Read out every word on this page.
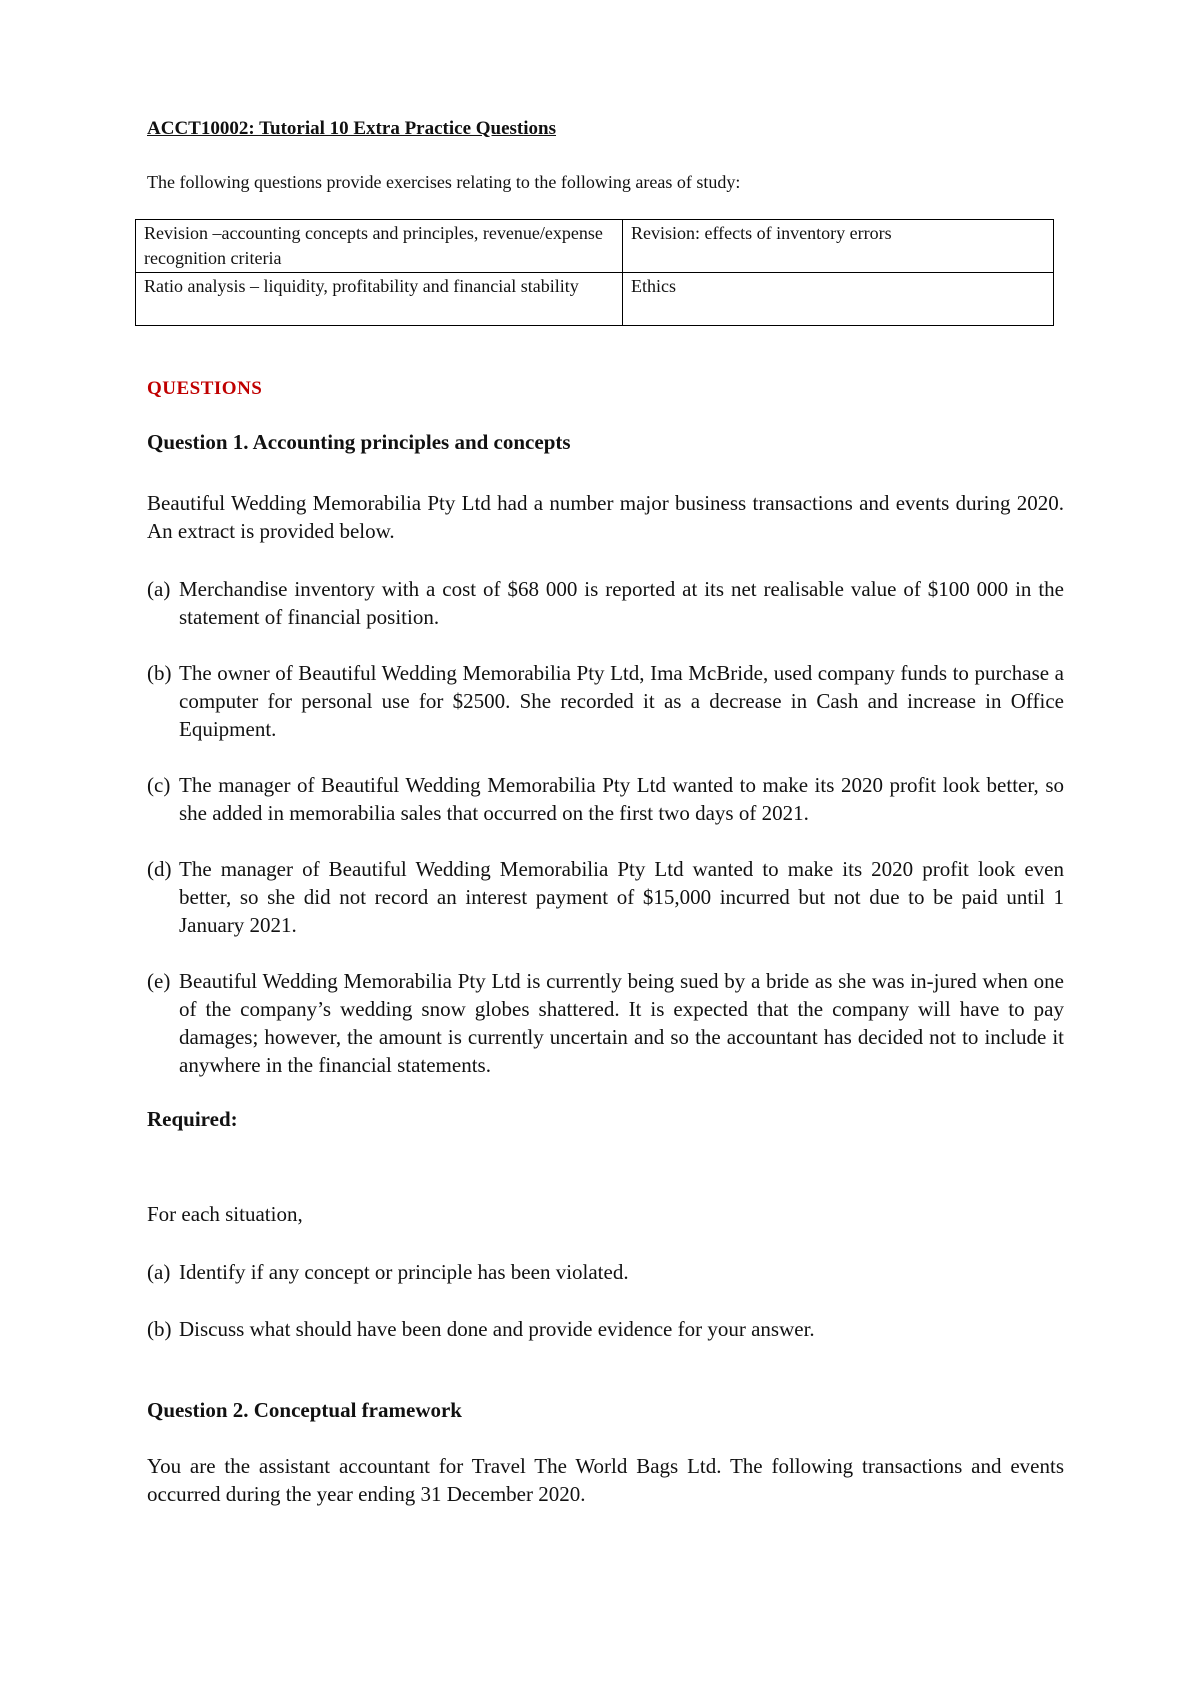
ACCT10002: Tutorial 10 Extra Practice Questions
The following questions provide exercises relating to the following areas of study:
Revision –accounting concepts and principles, revenue/expense recognition criteria	Revision: effects of inventory errors
Ratio analysis – liquidity, profitability and financial stability	Ethics
QUESTIONS
Question 1. Accounting principles and concepts
Beautiful Wedding Memorabilia Pty Ltd had a number major business transactions and events during 2020. An extract is provided below.
(a) Merchandise inventory with a cost of $68 000 is reported at its net realisable value of $100 000 in the statement of financial position.
(b) The owner of Beautiful Wedding Memorabilia Pty Ltd, Ima McBride, used company funds to purchase a computer for personal use for $2500. She recorded it as a decrease in Cash and increase in Office Equipment.
(c) The manager of Beautiful Wedding Memorabilia Pty Ltd wanted to make its 2020 profit look better, so she added in memorabilia sales that occurred on the first two days of 2021.
(d) The manager of Beautiful Wedding Memorabilia Pty Ltd wanted to make its 2020 profit look even better, so she did not record an interest payment of $15,000 incurred but not due to be paid until 1 January 2021.
(e) Beautiful Wedding Memorabilia Pty Ltd is currently being sued by a bride as she was in-jured when one of the company’s wedding snow globes shattered. It is expected that the company will have to pay damages; however, the amount is currently uncertain and so the accountant has decided not to include it anywhere in the financial statements.
Required:
For each situation,
(a) Identify if any concept or principle has been violated.
(b) Discuss what should have been done and provide evidence for your answer.
Question 2. Conceptual framework
You are the assistant accountant for Travel The World Bags Ltd. The following transactions and events occurred during the year ending 31 December 2020.
